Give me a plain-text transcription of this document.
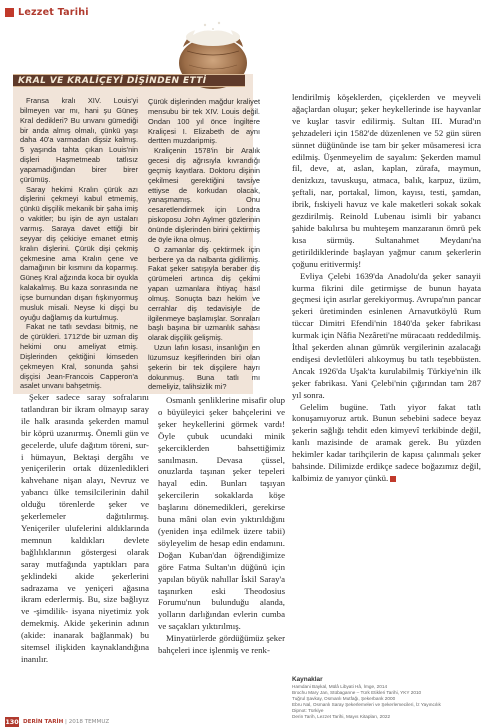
Lezzet Tarihi
KRAL VE KRALİÇEYİ DİŞİNDEN ETTİ

Fransa kralı XIV. Louis'yi bilmeyen var mı, hani şu Güneş Kral dedikleri? Bu unvanı gümediği bir anda almış olmalı, çünkü yaşı daha 40'a varmadan dişsiz kalmış. 5 yaşında tahta çıkan Louis'nin dişleri Haşmetmeab tatlısız yapamadığından birer birer çürümüş.

Saray hekimi Kralın çürük azı dişlerini çekmeyi kabul etmemiş, çünkü dişçilik mekanik bir şaha imiş o vakitler; bu işin de ayrı ustaları varmış. Saraya davet ettiği bir seyyar diş çekiciye emanet etmiş kralın dişlerini. Çürük dişi çekmiş çekmesine ama Kralın çene ve damağının bir kısmını da koparmış. Güneş Kral ağzında koca bir oyukla kalakalmış. Bu kaza sonrasında ne içse burnundan dışarı fışkırıyormuş musluk misali. Neyse ki dişçi bu oyuğu dağlamış da kurtulmuş.

Fakat ne tatlı sevdası bitmiş, ne de çürükleri. 1712'de bir uzman diş hekimi onu ameliyat etmiş. Dişlerinden çektiğini kimseden çekmeyen Kral, sonunda şahsi dişçisi Jean-Francois Capperon'a asalet unvanı bahşetmiş.

Çürük dişlerinden mağdur kraliyet mensubu bir tek XIV. Louis değil. Ondan 100 yıl önce İngiltere Kraliçesi I. Elizabeth de aynı dertten muzdaripmiş.

Kraliçenin 1578'in bir Aralık gecesi diş ağrısıyla kıvrandığı geçmiş kayıtlara. Doktoru dişinin çekilmesi gerektiğini tavsiye ettiyse de korkudan olacak, yanaşmamış. Onu cesaretlendirmek için Londra piskoposu John Aylmer gözlerinin önünde dişlerinden birini çektirmiş de öyle ikna olmuş.

O zamanlar diş çektirmek için berbere ya da nalbanta gidilirmiş. Fakat şeker satışıyla beraber diş çürümeleri artınca diş çekimi yapan uzmanlara ihtiyaç hasıl olmuş. Sonuçta bazı hekim ve cerrahlar diş tedavisiyle de ilgilenmeye başlamışlar. Sonraları başlı başına bir uzmanlık sahası olarak dişçilik gelişmiş.

Uzun lafın kısası, insanlığın en lüzumsuz keşiflerinden biri olan şekerin bir tek dişçilere hayrı dokunmuş. Buna tatlı mı demeliyiz, talihsizlik mi?

Şeker sadece saray sofralarını tatlandıran bir ikram olmayıp saray ile halk arasında şekerden mamul bir köprü uzanırmış. Önemli gün ve gecelerde, ulufe dağıtım töreni, sur-i hümayun, Bektaşi dergâhı ve yeniçerilerin ortak düzenledikleri kahvehane nişan alayı, Nevruz ve yabancı ülke temsilcilerinin dahil olduğu törenlerde şeker ve şekerlemeler dağıtılırmış. Yeniçeriler ulufelerini aldıklarında memnun kaldıkları devlete bağlılıklarının göstergesi olarak saray mutfağında yaptıkları para şeklindeki akide şekerlerini sadrazama ve yeniçeri ağasına ikram ederlermiş. Bu, size bağlıyız ve -şimdilik- isyana niyetimiz yok demekmiş. Akide şekerinin adının (akide: inanarak bağlanmak) bu sitemsel ilişkiden kaynaklandığına inanılır.

Osmanlı şenliklerine misafir olup o büyüleyici şeker bahçelerini ve şeker heykellerini görmek vardı! Öyle çubuk ucundaki minik şekerciklerden bahsettiğimiz sanılmasın. Devasa çüssel, onuzlarda taşınan şeker tepeleri hayal edin. Bunları taşıyan şekercilerin sokaklarda köşe başlarını dönemedikleri, gerekirse buna mâni olan evin yıktırıldığını (yeniden inşa edilmek üzere tabii) söyleyelim de hesap edin endamını. Doğan Kuban'dan öğrendiğimize göre Fatma Sultan'ın düğünü için yapılan büyük nahıllar İskil Saray'a taşınırken eski Theodosius Forumu'nun bulunduğu alanda, yolların darlığından evlerin cumba ve saçakları yıktırılmış.

Minyatürlerde gördüğümüz şeker bahçeleri ince işlenmiş ve renk-

lendirilmiş köşeklerden, çiçeklerden ve meyveli ağaçlardan oluşur; şeker heykellerinde ise hayvanlar ve kuşlar tasvir edilirmiş. Sultan III. Murad'ın şehzadeleri için 1582'de düzenlenen ve 52 gün süren sünnet düğününde ise tam bir şeker müsameresi icra edilmiş. Üşenmeyelim de sayalım: Şekerden mamul fil, deve, at, aslan, kaplan, zürafa, maymun, denizkızı, tavuskuşu, atmaca, balık, karpuz, üzüm, şeftali, nar, portakal, limon, kayısı, testi, şamdan, ibrik, fıskiyeli havuz ve kale maketleri sokak sokak gezdirilmiş. Reinold Lubenau isimli bir yabancı şahide bakılırsa bu muhteşem manzaranın ömrü pek kısa sürmüş. Sultanahmet Meydanı'na getirildiklerinde başlayan yağmur canım şekerlerin çoğunu eritivermiş!

Evliya Çelebi 1639'da Anadolu'da şeker sanayii kurma fikrini dile getirmişse de bunun hayata geçmesi için asırlar gerekiyormuş. Avrupa'nın pancar şekeri üretiminden esinlenen Arnavutköylü Rum tüccar Dimitri Efendi'nin 1840'da şeker fabrikası kurmak için Nâfia Nezâreti'ne müracaatı reddedilmiş. İthal şekerden alınan gümrük vergilerinin azalacağı endişesi devletlüleri alıkoymuş bu tatlı teşebbüsten. Ancak 1926'da Uşak'ta kurulabilmiş Türkiye'nin ilk şeker fabrikası. Yani Çelebi'nin çığırından tam 287 yıl sonra.

Gelelim bugüne. Tatlı yiyor fakat tatlı konuşamıyoruz artık. Bunun sebebini sadece beyaz şekerin sağlığı tehdit eden kimyevî terkibinde değil, kanlı mazisinde de aramak gerek. Bu yüzden hekimler kadar tarihçilerin de kapısı çalınmalı şeker bahsinde. Dilimizde erdikçe sadece boğazımız değil, kalbimiz de yanıyor çünkü.

Kaynaklar
Hamdani Baykal, Mülâ Libyati Hâ, İmge, 2014
Brochu Mary Jan, Stübaganne – Türk Etikleri Tarihi, YKY 2010
Tuğrul Şavkay, Osmanlı Mutfağı, Şekerbank 2000
Ebru Nal, Osmanlı Saray Şekerlemeleri ve Şekerlemecileri, İz Yayıncılık
Dipnot: Türkiye
Derin Tarih, Lezzet Tarihi, Mayıs Kitapları, 2022
130 DERİN TARİH | 2018 TEMMUZ
